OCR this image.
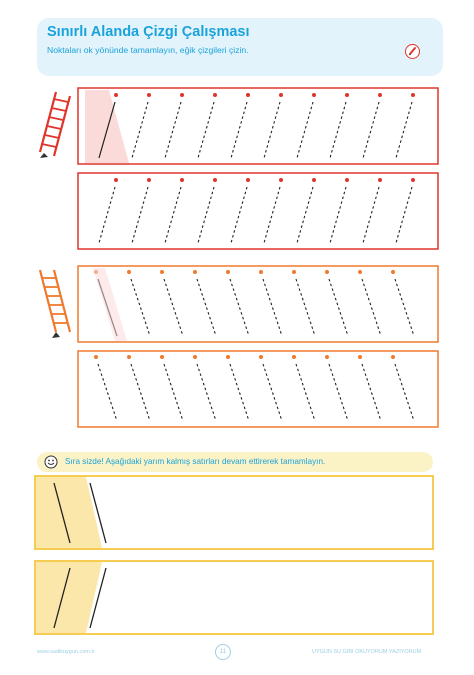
Sınırlı Alanda Çizgi Çalışması
Noktaları ok yönünde tamamlayın, eğik çizgileri çizin.
Sıra sizde! Aşağıdaki yarım kalmış satırları devam ettirerek tamamlayın.
www.sadikuygun.com.tr	11	UYGUN SU GIBI OKUYORUM YAZIYORUM
